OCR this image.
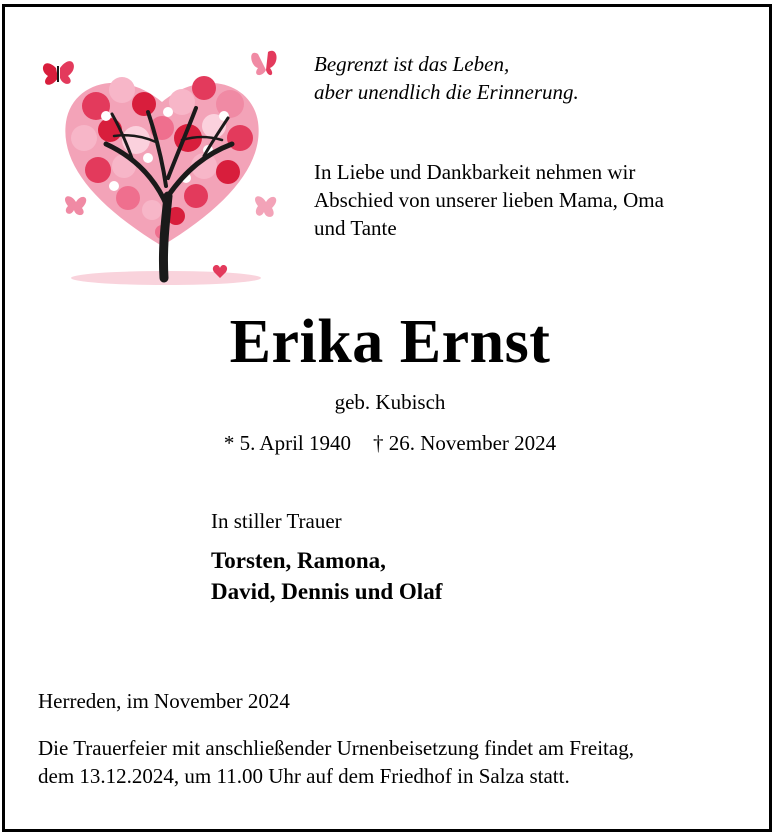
Begrenzt ist das Leben,
aber unendlich die Erinnerung.
In Liebe und Dankbarkeit nehmen wir
Abschied von unserer lieben Mama, Oma
und Tante
Erika Ernst
geb. Kubisch
* 5. April 1940 † 26. November 2024
In stiller Trauer
Torsten, Ramona,
David, Dennis und Olaf
Herreden, im November 2024
Die Trauerfeier mit anschließender Urnenbeisetzung findet am Freitag,
dem 13.12.2024, um 11.00 Uhr auf dem Friedhof in Salza statt.
